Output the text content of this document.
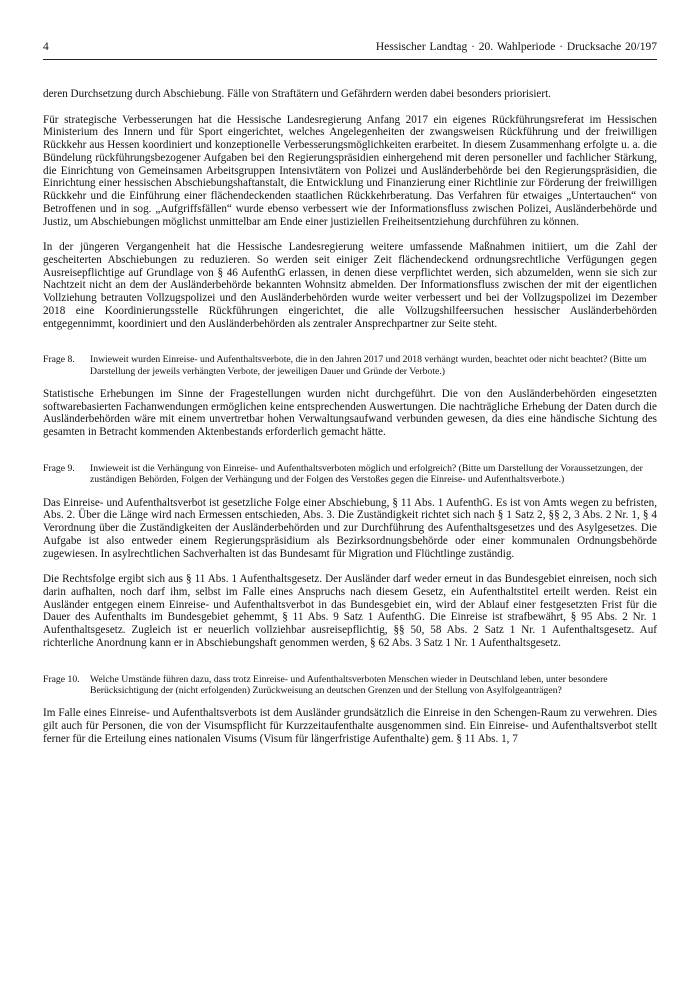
4	Hessischer Landtag · 20. Wahlperiode · Drucksache 20/197

deren Durchsetzung durch Abschiebung. Fälle von Straftätern und Gefährdern werden dabei besonders priorisiert.

Für strategische Verbesserungen hat die Hessische Landesregierung Anfang 2017 ein eigenes Rückführungsreferat im Hessischen Ministerium des Innern und für Sport eingerichtet, welches Angelegenheiten der zwangsweisen Rückführung und der freiwilligen Rückkehr aus Hessen koordiniert und konzeptionelle Verbesserungsmöglichkeiten erarbeitet. In diesem Zusammenhang erfolgte u. a. die Bündelung rückführungsbezogener Aufgaben bei den Regierungspräsidien einhergehend mit deren personeller und fachlicher Stärkung, die Einrichtung von Gemeinsamen Arbeitsgruppen Intensivtätern von Polizei und Ausländerbehörde bei den Regierungspräsidien, die Einrichtung einer hessischen Abschiebungshaftanstalt, die Entwicklung und Finanzierung einer Richtlinie zur Förderung der freiwilligen Rückkehr und die Einführung einer flächendeckenden staatlichen Rückkehrberatung. Das Verfahren für etwaiges „Untertauchen“ von Betroffenen und in sog. „Aufgriffsfällen“ wurde ebenso verbessert wie der Informationsfluss zwischen Polizei, Ausländerbehörde und Justiz, um Abschiebungen möglichst unmittelbar am Ende einer justiziellen Freiheitsentziehung durchführen zu können.

In der jüngeren Vergangenheit hat die Hessische Landesregierung weitere umfassende Maßnahmen initiiert, um die Zahl der gescheiterten Abschiebungen zu reduzieren. So werden seit einiger Zeit flächendeckend ordnungsrechtliche Verfügungen gegen Ausreisepflichtige auf Grundlage von § 46 AufenthG erlassen, in denen diese verpflichtet werden, sich abzumelden, wenn sie sich zur Nachtzeit nicht an dem der Ausländerbehörde bekannten Wohnsitz abmelden. Der Informationsfluss zwischen der mit der eigentlichen Vollziehung betrauten Vollzugspolizei und den Ausländerbehörden wurde weiter verbessert und bei der Vollzugspolizei im Dezember 2018 eine Koordinierungsstelle Rückführungen eingerichtet, die alle Vollzugshilfeersuchen hessischer Ausländerbehörden entgegennimmt, koordiniert und den Ausländerbehörden als zentraler Ansprechpartner zur Seite steht.

Frage 8.	Inwieweit wurden Einreise- und Aufenthaltsverbote, die in den Jahren 2017 und 2018 verhängt wurden, beachtet oder nicht beachtet? (Bitte um Darstellung der jeweils verhängten Verbote, der jeweiligen Dauer und Gründe der Verbote.)

Statistische Erhebungen im Sinne der Fragestellungen wurden nicht durchgeführt. Die von den Ausländerbehörden eingesetzten softwarebasierten Fachanwendungen ermöglichen keine entsprechenden Auswertungen. Die nachträgliche Erhebung der Daten durch die Ausländerbehörden wäre mit einem unvertretbar hohen Verwaltungsaufwand verbunden gewesen, da dies eine händische Sichtung des gesamten in Betracht kommenden Aktenbestands erforderlich gemacht hätte.

Frage 9.	Inwieweit ist die Verhängung von Einreise- und Aufenthaltsverboten möglich und erfolgreich? (Bitte um Darstellung der Voraussetzungen, der zuständigen Behörden, Folgen der Verhängung und der Folgen des Verstoßes gegen die Einreise- und Aufenthaltsverbote.)

Das Einreise- und Aufenthaltsverbot ist gesetzliche Folge einer Abschiebung, § 11 Abs. 1 AufenthG. Es ist von Amts wegen zu befristen, Abs. 2. Über die Länge wird nach Ermessen entschieden, Abs. 3. Die Zuständigkeit richtet sich nach § 1 Satz 2, §§ 2, 3 Abs. 2 Nr. 1, § 4 Verordnung über die Zuständigkeiten der Ausländerbehörden und zur Durchführung des Aufenthaltsgesetzes und des Asylgesetzes. Die Aufgabe ist also entweder einem Regierungspräsidium als Bezirksordnungsbehörde oder einer kommunalen Ordnungsbehörde zugewiesen. In asylrechtlichen Sachverhalten ist das Bundesamt für Migration und Flüchtlinge zuständig.

Die Rechtsfolge ergibt sich aus § 11 Abs. 1 Aufenthaltsgesetz. Der Ausländer darf weder erneut in das Bundesgebiet einreisen, noch sich darin aufhalten, noch darf ihm, selbst im Falle eines Anspruchs nach diesem Gesetz, ein Aufenthaltstitel erteilt werden. Reist ein Ausländer entgegen einem Einreise- und Aufenthaltsverbot in das Bundesgebiet ein, wird der Ablauf einer festgesetzten Frist für die Dauer des Aufenthalts im Bundesgebiet gehemmt, § 11 Abs. 9 Satz 1 AufenthG. Die Einreise ist strafbewährt, § 95 Abs. 2 Nr. 1 Aufenthaltsgesetz. Zugleich ist er neuerlich vollziehbar ausreisepflichtig, §§ 50, 58 Abs. 2 Satz 1 Nr. 1 Aufenthaltsgesetz. Auf richterliche Anordnung kann er in Abschiebungshaft genommen werden, § 62 Abs. 3 Satz 1 Nr. 1 Aufenthaltsgesetz.

Frage 10.	Welche Umstände führen dazu, dass trotz Einreise- und Aufenthaltsverboten Menschen wieder in Deutschland leben, unter besondere Berücksichtigung der (nicht erfolgenden) Zurückweisung an deutschen Grenzen und der Stellung von Asylfolgeanträgen?

Im Falle eines Einreise- und Aufenthaltsverbots ist dem Ausländer grundsätzlich die Einreise in den Schengen-Raum zu verwehren. Dies gilt auch für Personen, die von der Visumspflicht für Kurzzeitaufenthalte ausgenommen sind. Ein Einreise- und Aufenthaltsverbot stellt ferner für die Erteilung eines nationalen Visums (Visum für längerfristige Aufenthalte) gem. § 11 Abs. 1, 7
